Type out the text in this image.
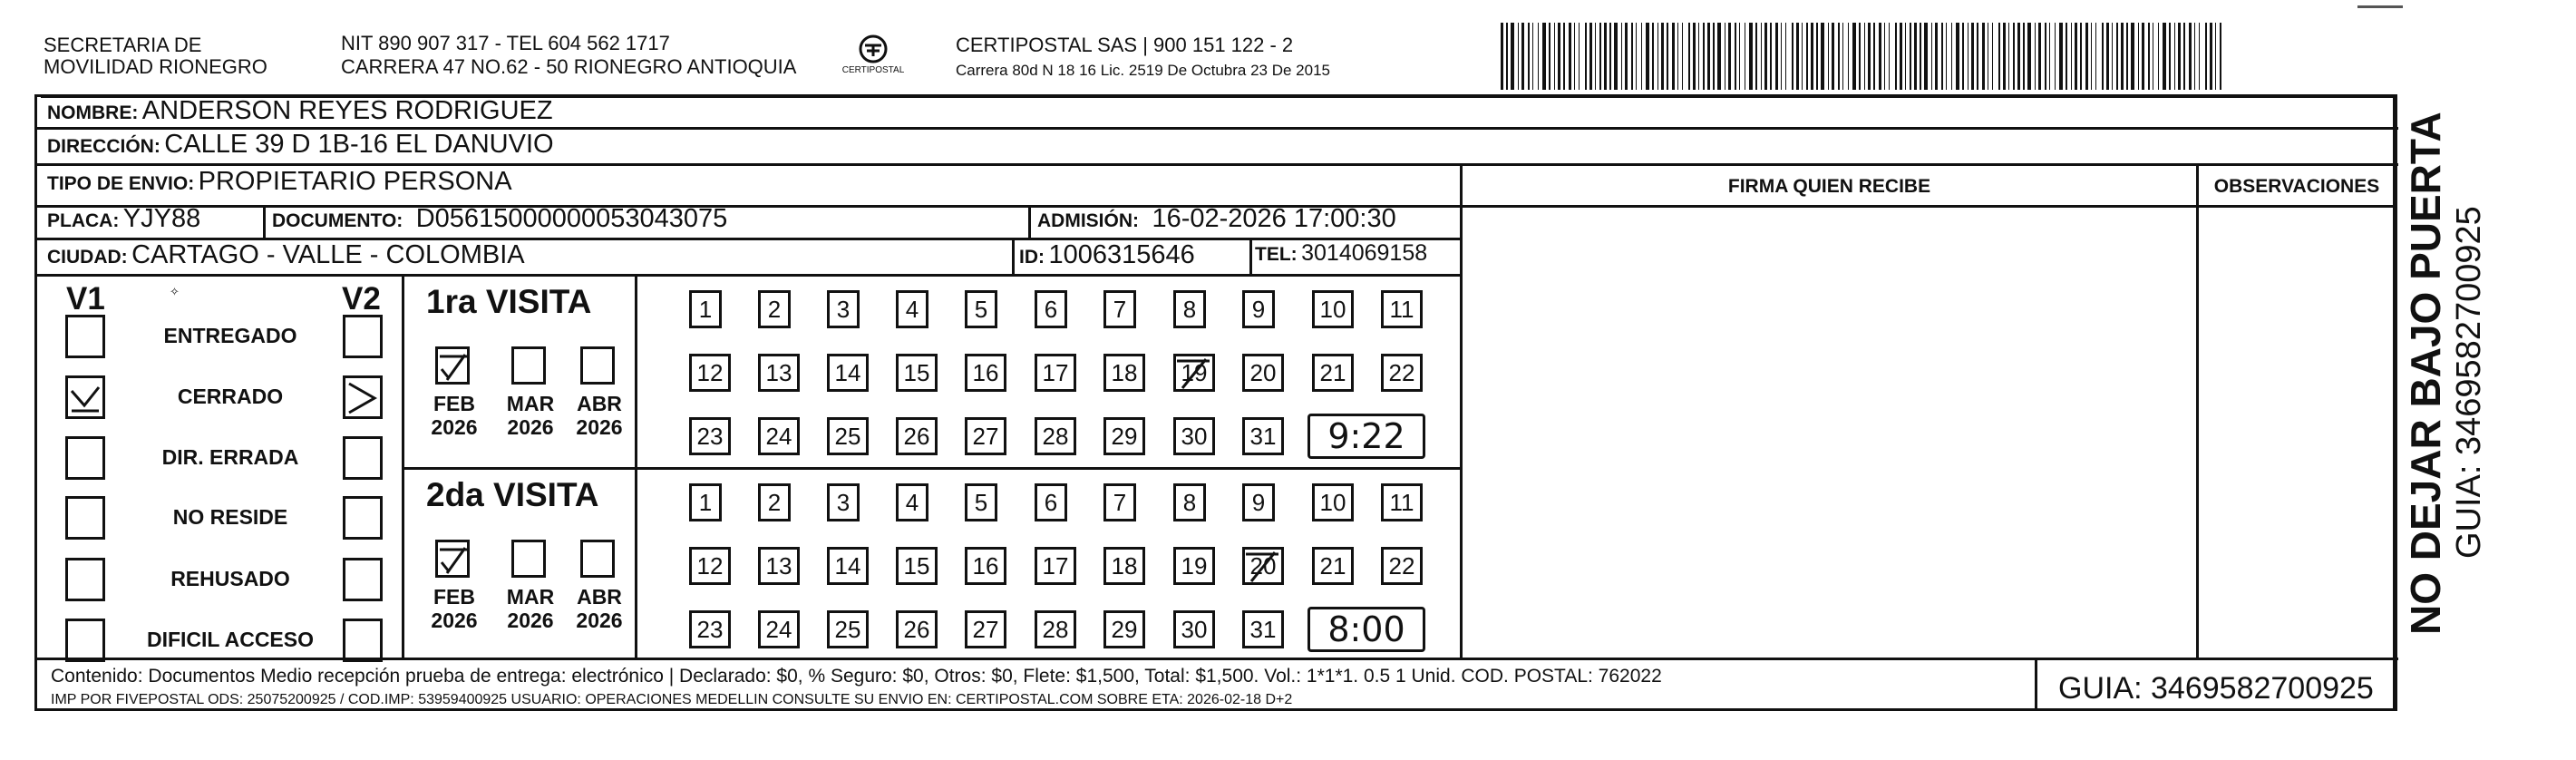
SECRETARIA DE
MOVILIDAD RIONEGRO
NIT 890 907 317 - TEL 604 562 1717
CARRERA 47 NO.62 - 50 RIONEGRO ANTIOQUIA	CERTIPOSTAL
CERTIPOSTAL SAS | 900 151 122 - 2
Carrera 80d N 18 16 Lic. 2519 De Octubra 23 De 2015
NOMBRE: ANDERSON REYES RODRIGUEZ
DIRECCIÓN: CALLE 39 D 1B-16 EL DANUVIO
TIPO DE ENVIO: PROPIETARIO PERSONA
PLACA: YJY88	DOCUMENTO: D05615000000053043075	ADMISIÓN: 16-02-2026 17:00:30
CIUDAD: CARTAGO - VALLE - COLOMBIA	ID: 1006315646	TEL: 3014069158
FIRMA QUIEN RECIBE	OBSERVACIONES NO DEJAR BAJO PUERTA GUIA: 3469582700925
V1	V2
✧
ENTREGADO
CERRADO
DIR. ERRADA
NO RESIDE
REHUSADO
DIFICIL ACCESO
1ra VISITA
FEB
2026
MAR
2026
ABR
2026
1	2	3	4	5	6	7	8	9	10	11
12	13	14	15	16	17	18	19	20	21	22
23	24	25	26	27	28	29	30	31	9:22
2da VISITA
FEB
2026
MAR
2026
ABR
2026
1	2	3	4	5	6	7	8	9	10	11
12	13	14	15	16	17	18	19	20	21	22
23	24	25	26	27	28	29	30	31	8:00
Contenido: Documentos Medio recepción prueba de entrega: electrónico | Declarado: $0, % Seguro: $0, Otros: $0, Flete: $1,500, Total: $1,500. Vol.: 1*1*1. 0.5 1 Unid. COD. POSTAL: 762022
IMP POR FIVEPOSTAL ODS: 25075200925 / COD.IMP: 53959400925 USUARIO: OPERACIONES MEDELLIN CONSULTE SU ENVIO EN: CERTIPOSTAL.COM SOBRE ETA: 2026-02-18 D+2	GUIA: 3469582700925
